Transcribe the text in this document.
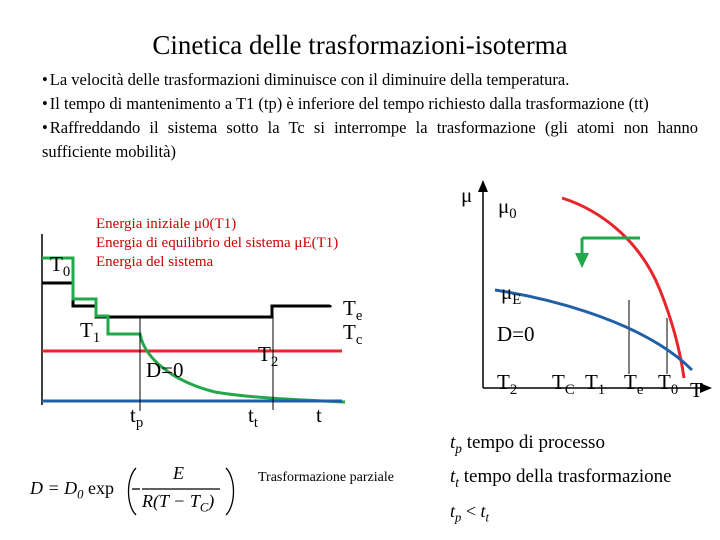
Cinetica delle trasformazioni-isoterma
• La velocità delle trasformazioni diminuisce con il diminuire della temperatura.
• Il tempo di mantenimento a T1 (tp) è inferiore del tempo richiesto dalla trasformazione (tt)
• Raffreddando il sistema sotto la Tc si interrompe la trasformazione (gli atomi non hanno sufficiente mobilità)
Energia iniziale μ0(T1)
Energia di equilibrio del sistema μE(T1)
Energia del sistema
$T_0$
$T_1$
D=0
$T_2$
$T_e$
$T_c$
$t_p$	$t_t$	t
Trasformazione parziale
μ $\mu_0$
$\mu_E$
D=0
$T_2$ $T_C$ $T_1$ $T_e$ $T_0$ T
$D = D_0$ exp
E
$R(T - T_C)$
$t_p$ tempo di processo
$t_t$ tempo della trasformazione
$t_p < t_t$
